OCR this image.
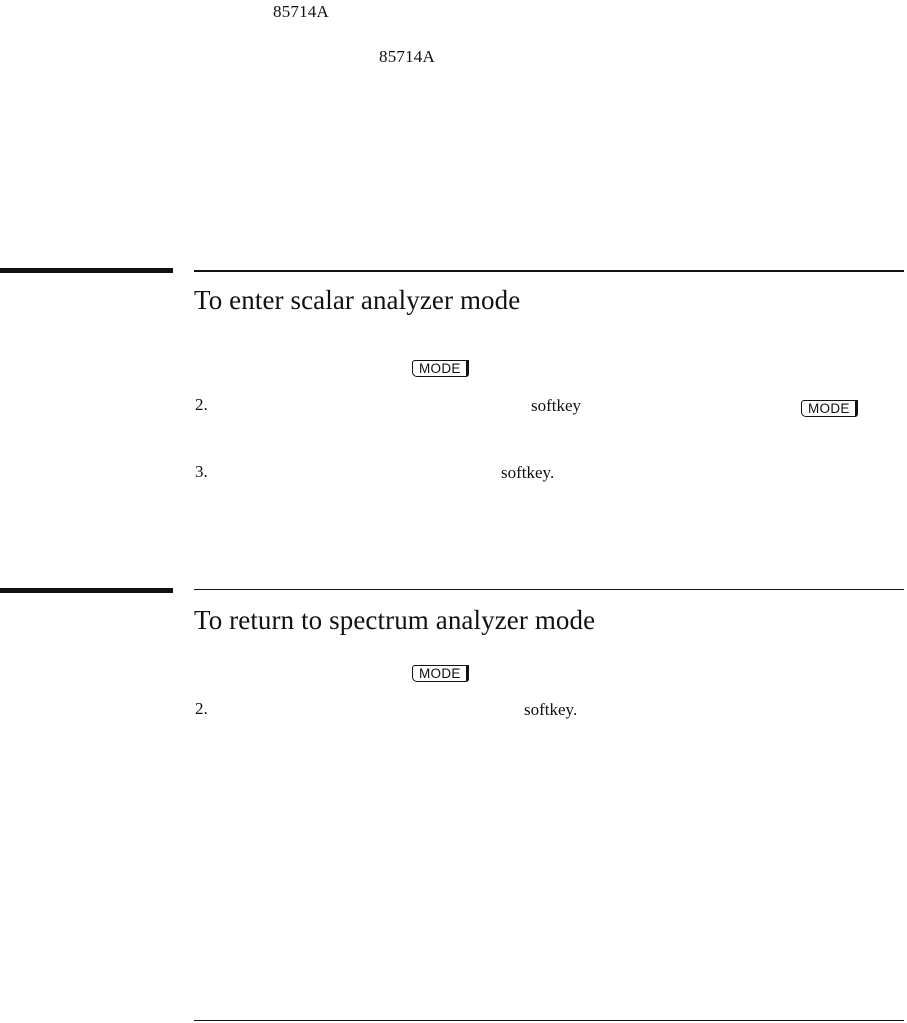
85714A
85714A
To enter scalar analyzer mode
MODE
2.	softkey	MODE
3.	softkey.
To return to spectrum analyzer mode
MODE
2.	softkey.
